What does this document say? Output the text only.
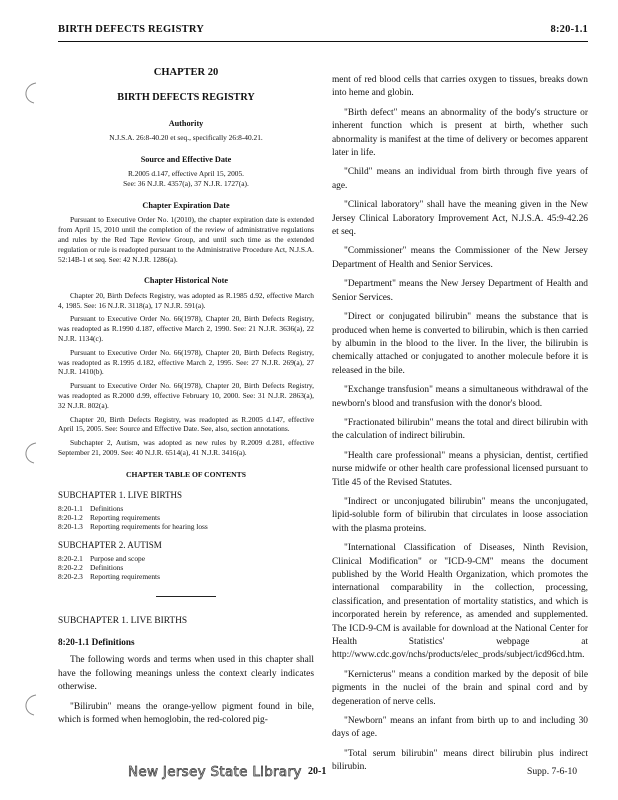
BIRTH DEFECTS REGISTRY	8:20-1.1
CHAPTER 20
BIRTH DEFECTS REGISTRY
Authority

N.J.S.A. 26:8-40.20 et seq., specifically 26:8-40.21.

Source and Effective Date

R.2005 d.147, effective April 15, 2005.

See: 36 N.J.R. 4357(a), 37 N.J.R. 1727(a).

Chapter Expiration Date

Pursuant to Executive Order No. 1(2010), the chapter expiration date is extended from April 15, 2010 until the completion of the review of administrative regulations and rules by the Red Tape Review Group, and until such time as the extended regulation or rule is readopted pursuant to the Administrative Procedure Act, N.J.S.A. 52:14B-1 et seq. See: 42 N.J.R. 1286(a).

Chapter Historical Note

Chapter 20, Birth Defects Registry, was adopted as R.1985 d.92, effective March 4, 1985. See: 16 N.J.R. 3118(a), 17 N.J.R. 591(a).

Pursuant to Executive Order No. 66(1978), Chapter 20, Birth Defects Registry, was readopted as R.1990 d.187, effective March 2, 1990. See: 21 N.J.R. 3636(a), 22 N.J.R. 1134(c).

Pursuant to Executive Order No. 66(1978), Chapter 20, Birth Defects Registry, was readopted as R.1995 d.182, effective March 2, 1995. See: 27 N.J.R. 269(a), 27 N.J.R. 1410(b).

Pursuant to Executive Order No. 66(1978), Chapter 20, Birth Defects Registry, was readopted as R.2000 d.99, effective February 10, 2000. See: 31 N.J.R. 2863(a), 32 N.J.R. 802(a).

Chapter 20, Birth Defects Registry, was readopted as R.2005 d.147, effective April 15, 2005. See: Source and Effective Date. See, also, section annotations.

Subchapter 2, Autism, was adopted as new rules by R.2009 d.281, effective September 21, 2009. See: 40 N.J.R. 6514(a), 41 N.J.R. 3416(a).

CHAPTER TABLE OF CONTENTS
SUBCHAPTER 1. LIVE BIRTHS
8:20-1.1 Definitions
8:20-1.2 Reporting requirements
8:20-1.3 Reporting requirements for hearing loss
SUBCHAPTER 2. AUTISM
8:20-2.1 Purpose and scope
8:20-2.2 Definitions
8:20-2.3 Reporting requirements
SUBCHAPTER 1. LIVE BIRTHS
8:20-1.1 Definitions

The following words and terms when used in this chapter shall have the following meanings unless the context clearly indicates otherwise.

"Bilirubin" means the orange-yellow pigment found in bile, which is formed when hemoglobin, the red-colored pig-

ment of red blood cells that carries oxygen to tissues, breaks down into heme and globin.

"Birth defect" means an abnormality of the body's structure or inherent function which is present at birth, whether such abnormality is manifest at the time of delivery or becomes apparent later in life.

"Child" means an individual from birth through five years of age.

"Clinical laboratory" shall have the meaning given in the New Jersey Clinical Laboratory Improvement Act, N.J.S.A. 45:9-42.26 et seq.

"Commissioner" means the Commissioner of the New Jersey Department of Health and Senior Services.

"Department" means the New Jersey Department of Health and Senior Services.

"Direct or conjugated bilirubin" means the substance that is produced when heme is converted to bilirubin, which is then carried by albumin in the blood to the liver. In the liver, the bilirubin is chemically attached or conjugated to another molecule before it is released in the bile.

"Exchange transfusion" means a simultaneous withdrawal of the newborn's blood and transfusion with the donor's blood.

"Fractionated bilirubin" means the total and direct bilirubin with the calculation of indirect bilirubin.

"Health care professional" means a physician, dentist, certified nurse midwife or other health care professional licensed pursuant to Title 45 of the Revised Statutes.

"Indirect or unconjugated bilirubin" means the unconjugated, lipid-soluble form of bilirubin that circulates in loose association with the plasma proteins.

"International Classification of Diseases, Ninth Revision, Clinical Modification" or "ICD-9-CM" means the document published by the World Health Organization, which promotes the international comparability in the collection, processing, classification, and presentation of mortality statistics, and which is incorporated herein by reference, as amended and supplemented. The ICD-9-CM is available for download at the National Center for Health Statistics' webpage at http://www.cdc.gov/nchs/products/elec_prods/subject/icd96cd.htm.

"Kernicterus" means a condition marked by the deposit of bile pigments in the nuclei of the brain and spinal cord and by degeneration of nerve cells.

"Newborn" means an infant from birth up to and including 30 days of age.

"Total serum bilirubin" means direct bilirubin plus indirect bilirubin.

New Jersey State Library 20-1	Supp. 7-6-10
